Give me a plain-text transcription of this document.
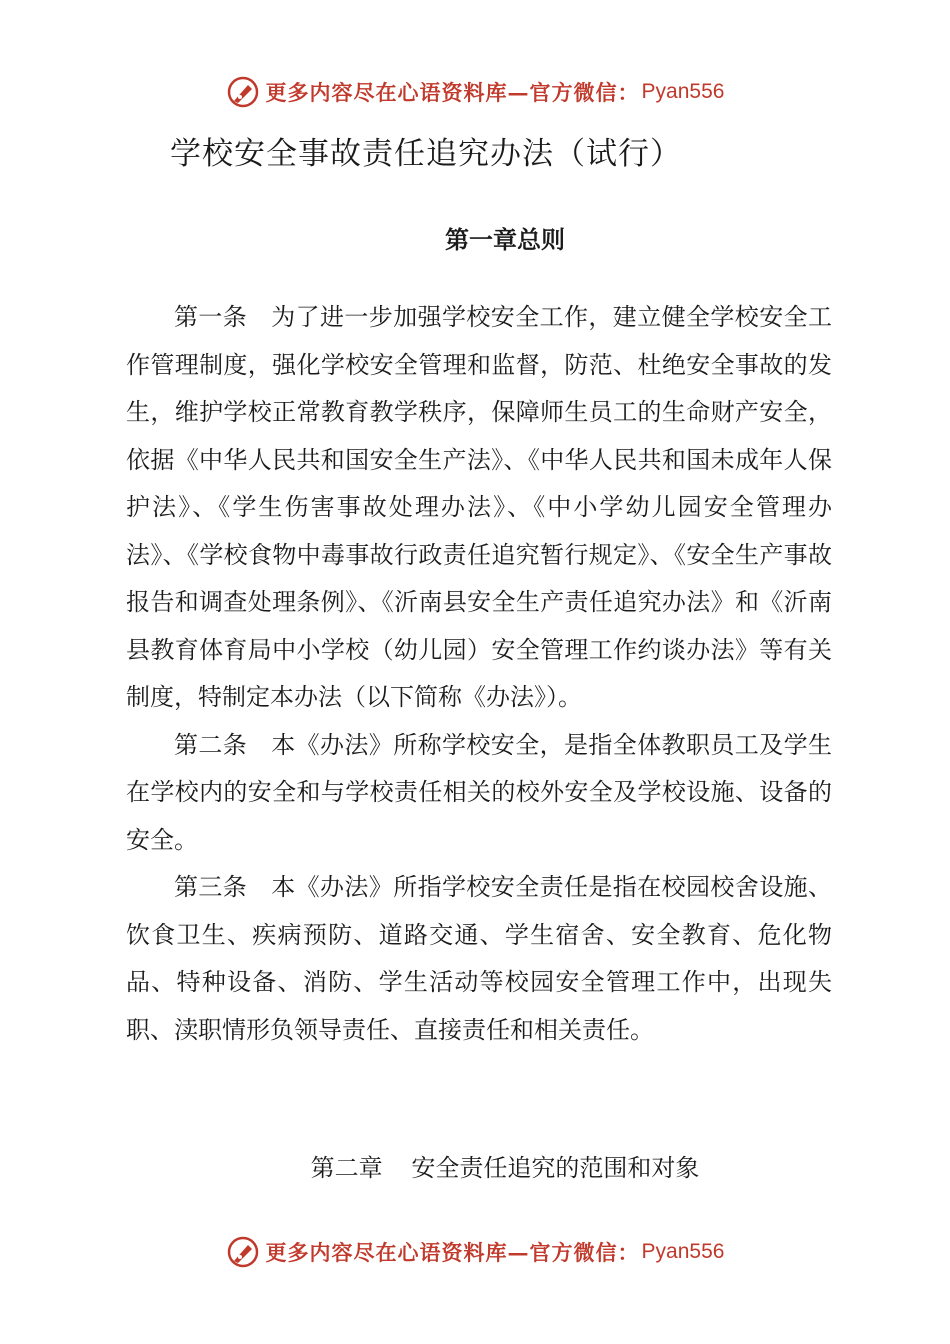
更多内容尽在心语资料库—官方微信： Pyan556
学校安全事故责任追究办法（试行）
第一章总则

第一条 为了进一步加强学校安全工作，建立健全学校安全工作管理制度，强化学校安全管理和监督，防范、杜绝安全事故的发生，维护学校正常教育教学秩序，保障师生员工的生命财产安全，依据《中华人民共和国安全生产法》、《中华人民共和国未成年人保护法》、《学生伤害事故处理办法》、《中小学幼儿园安全管理办法》、《学校食物中毒事故行政责任追究暂行规定》、《安全生产事故报告和调查处理条例》、《沂南县安全生产责任追究办法》和《沂南县教育体育局中小学校（幼儿园）安全管理工作约谈办法》等有关制度，特制定本办法（以下简称《办法》）。

第二条 本《办法》所称学校安全，是指全体教职员工及学生在学校内的安全和与学校责任相关的校外安全及学校设施、设备的安全。

第三条 本《办法》所指学校安全责任是指在校园校舍设施、饮食卫生、疾病预防、道路交通、学生宿舍、安全教育、危化物品、特种设备、消防、学生活动等校园安全管理工作中，出现失职、渎职情形负领导责任、直接责任和相关责任。

第二章 安全责任追究的范围和对象
更多内容尽在心语资料库—官方微信： Pyan556
